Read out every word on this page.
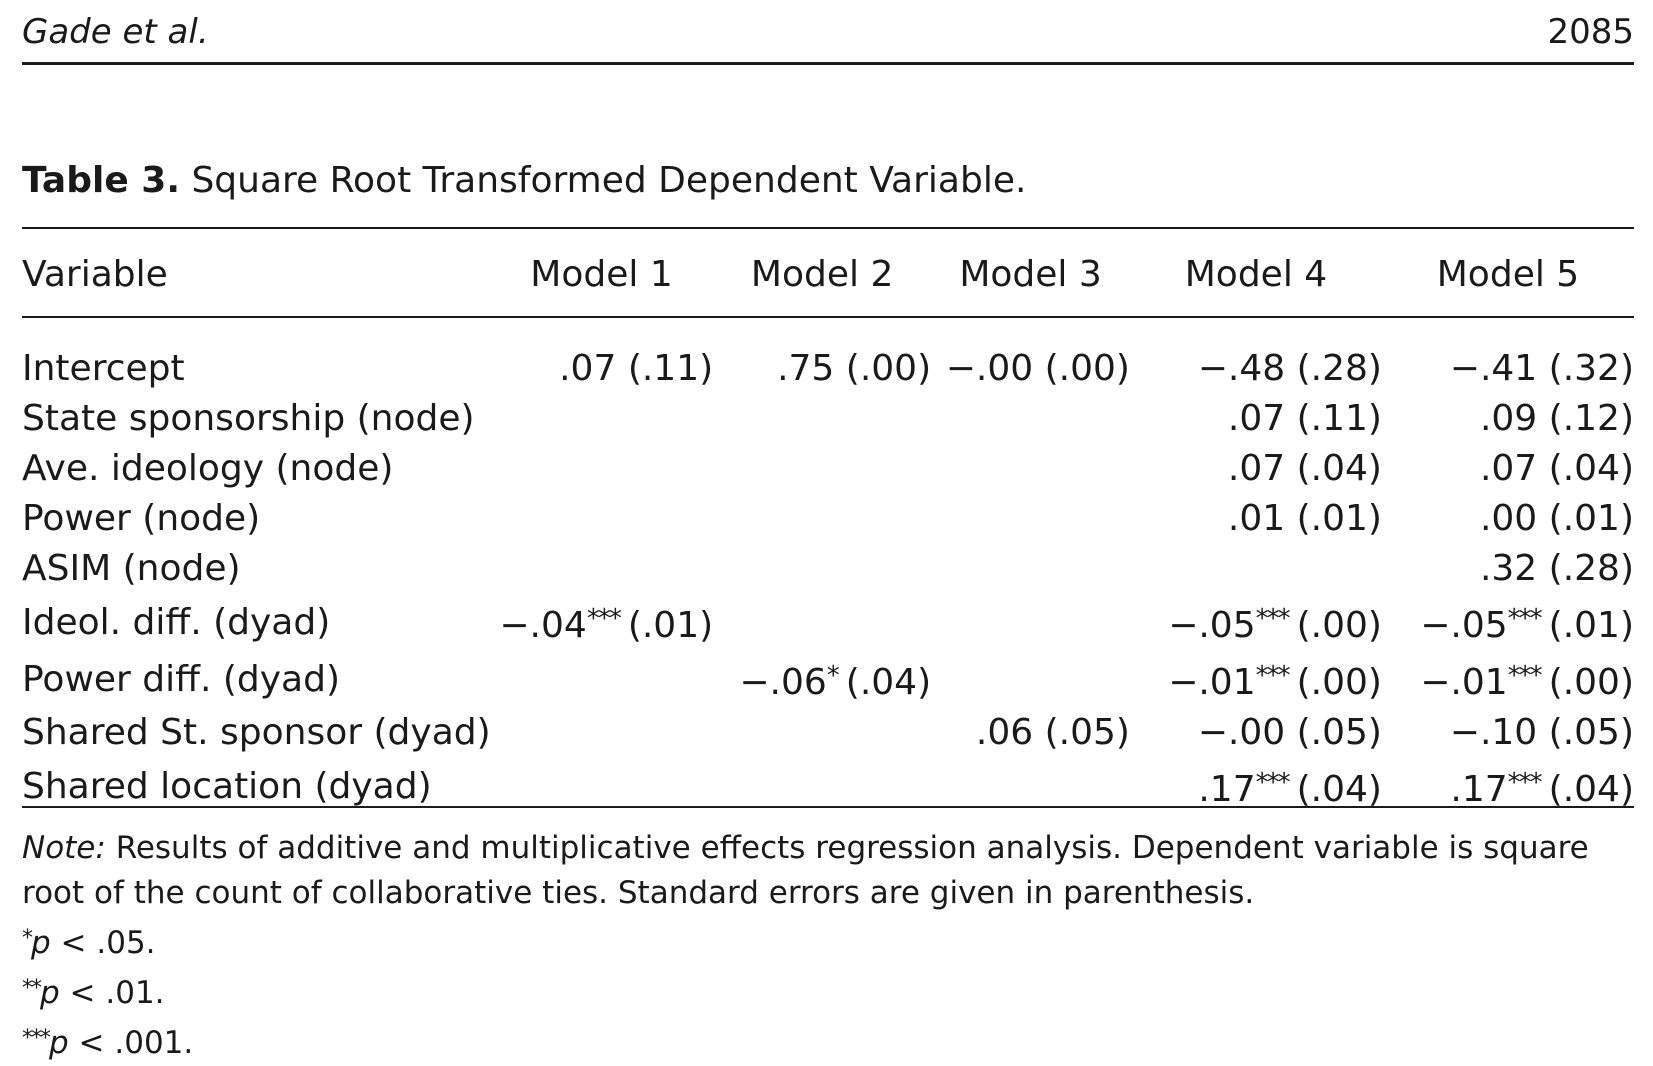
Gade et al.	2085
Table 3. Square Root Transformed Dependent Variable.
Variable	Model 1	Model 2	Model 3	Model 4	Model 5

Intercept	.07 (.11)	.75 (.00)	−.00 (.00)	−.48 (.28)	−.41 (.32)
State sponsorship (node)				.07 (.11)	.09 (.12)
Ave. ideology (node)				.07 (.04)	.07 (.04)
Power (node)				.01 (.01)	.00 (.01)
ASIM (node)					.32 (.28)
Ideol. diff. (dyad)	−.04*** (.01)			−.05*** (.00)	−.05*** (.01)
Power diff. (dyad)		−.06* (.04)		−.01*** (.00)	−.01*** (.00)
Shared St. sponsor (dyad)			.06 (.05)	−.00 (.05)	−.10 (.05)
Shared location (dyad)				.17*** (.04)	.17*** (.04)
Note: Results of additive and multiplicative effects regression analysis. Dependent variable is square root of the count of collaborative ties. Standard errors are given in parenthesis.
*p < .05.
**p < .01.
***p < .001.
